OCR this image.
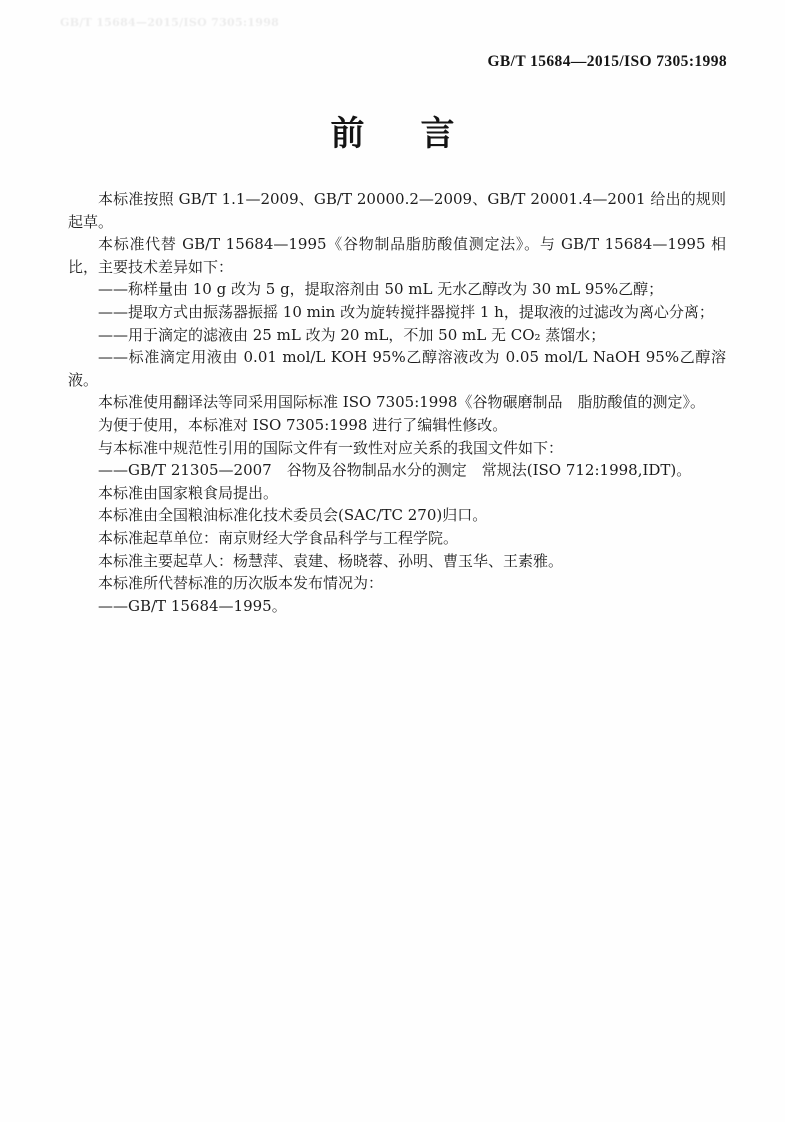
GB/T 15684—2015/ISO 7305:1998
GB/T 15684—2015/ISO 7305:1998
前 言

本标准按照 GB/T 1.1—2009、GB/T 20000.2—2009、GB/T 20001.4—2001 给出的规则起草。

本标准代替 GB/T 15684—1995《谷物制品脂肪酸值测定法》。与 GB/T 15684—1995 相比，主要技术差异如下：

——称样量由 10 g 改为 5 g，提取溶剂由 50 mL 无水乙醇改为 30 mL 95%乙醇；

——提取方式由振荡器振摇 10 min 改为旋转搅拌器搅拌 1 h，提取液的过滤改为离心分离；

——用于滴定的滤液由 25 mL 改为 20 mL，不加 50 mL 无 CO₂ 蒸馏水；

——标准滴定用液由 0.01 mol/L KOH 95%乙醇溶液改为 0.05 mol/L NaOH 95%乙醇溶液。

本标准使用翻译法等同采用国际标准 ISO 7305:1998《谷物碾磨制品　脂肪酸值的测定》。

为便于使用，本标准对 ISO 7305:1998 进行了编辑性修改。

与本标准中规范性引用的国际文件有一致性对应关系的我国文件如下：

——GB/T 21305—2007　谷物及谷物制品水分的测定　常规法(ISO 712:1998,IDT)。

本标准由国家粮食局提出。

本标准由全国粮油标准化技术委员会(SAC/TC 270)归口。

本标准起草单位：南京财经大学食品科学与工程学院。

本标准主要起草人：杨慧萍、袁建、杨晓蓉、孙明、曹玉华、王素雅。

本标准所代替标准的历次版本发布情况为：

——GB/T 15684—1995。
